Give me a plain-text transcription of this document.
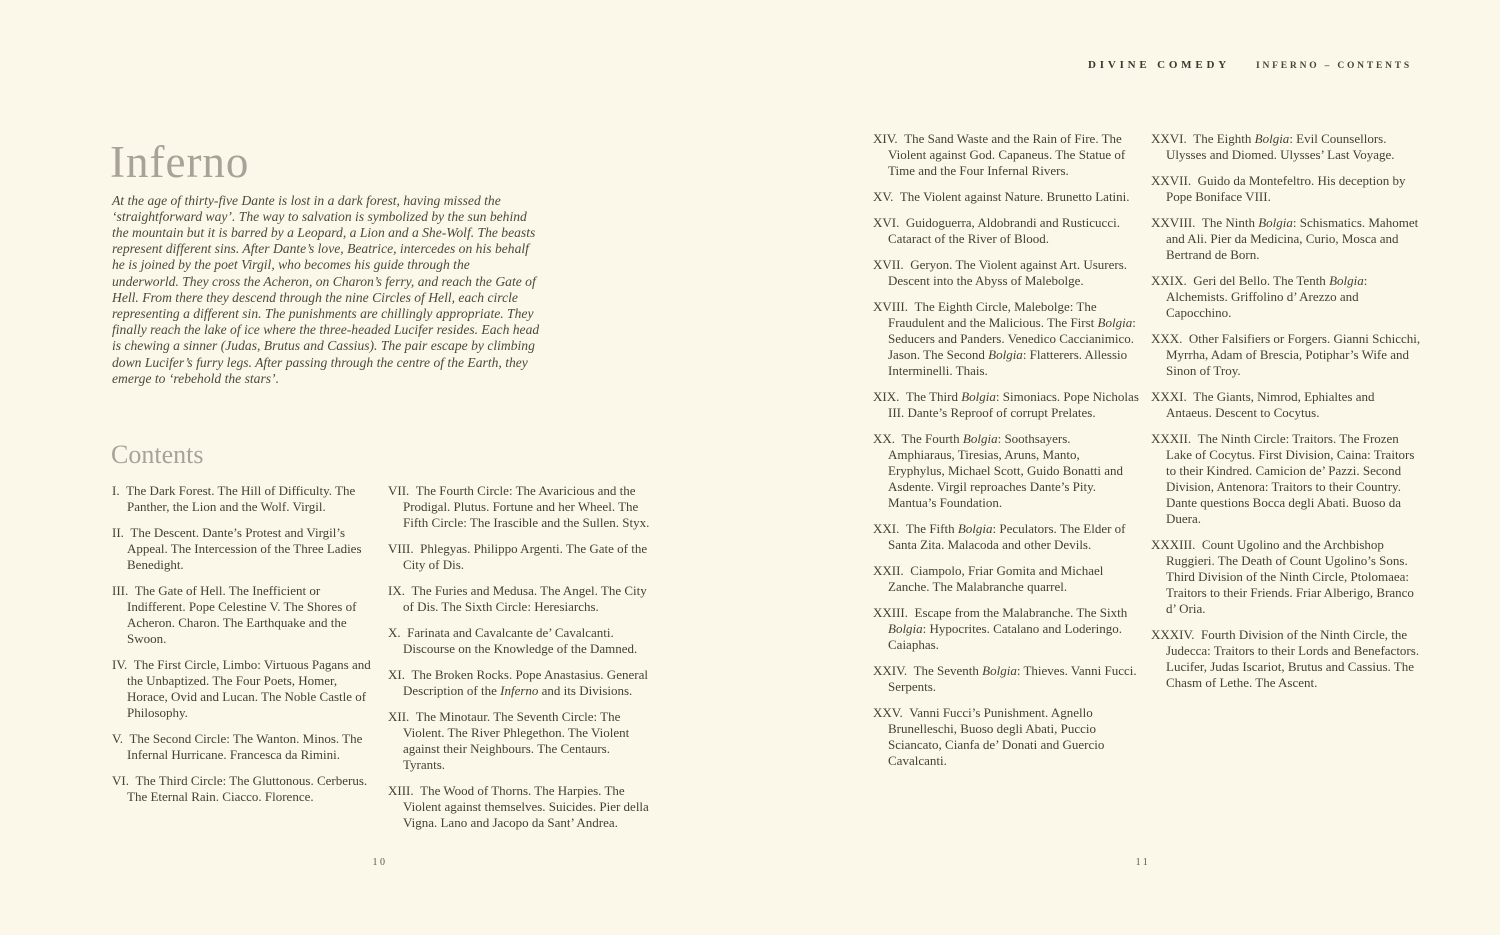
DIVINE COMEDY	INFERNO – CONTENTS
Inferno

At the age of thirty-five Dante is lost in a dark forest, having missed the ‘straightforward way’. The way to salvation is symbolized by the sun behind the mountain but it is barred by a Leopard, a Lion and a She-Wolf. The beasts represent different sins. After Dante’s love, Beatrice, intercedes on his behalf he is joined by the poet Virgil, who becomes his guide through the underworld. They cross the Acheron, on Charon’s ferry, and reach the Gate of Hell. From there they descend through the nine Circles of Hell, each circle representing a different sin. The punishments are chillingly appropriate. They finally reach the lake of ice where the three-headed Lucifer resides. Each head is chewing a sinner (Judas, Brutus and Cassius). The pair escape by climbing down Lucifer’s furry legs. After passing through the centre of the Earth, they emerge to ‘rebehold the stars’.

Contents

I. The Dark Forest. The Hill of Difficulty. The Panther, the Lion and the Wolf. Virgil.

II. The Descent. Dante’s Protest and Virgil’s Appeal. The Intercession of the Three Ladies Benedight.

III. The Gate of Hell. The Inefficient or Indifferent. Pope Celestine V. The Shores of Acheron. Charon. The Earthquake and the Swoon.

IV. The First Circle, Limbo: Virtuous Pagans and the Unbaptized. The Four Poets, Homer, Horace, Ovid and Lucan. The Noble Castle of Philosophy.

V. The Second Circle: The Wanton. Minos. The Infernal Hurricane. Francesca da Rimini.

VI. The Third Circle: The Gluttonous. Cerberus. The Eternal Rain. Ciacco. Florence.

VII. The Fourth Circle: The Avaricious and the Prodigal. Plutus. Fortune and her Wheel. The Fifth Circle: The Irascible and the Sullen. Styx.

VIII. Phlegyas. Philippo Argenti. The Gate of the City of Dis.

IX. The Furies and Medusa. The Angel. The City of Dis. The Sixth Circle: Heresiarchs.

X. Farinata and Cavalcante de’ Cavalcanti. Discourse on the Knowledge of the Damned.

XI. The Broken Rocks. Pope Anastasius. General Description of the Inferno and its Divisions.

XII. The Minotaur. The Seventh Circle: The Violent. The River Phlegethon. The Violent against their Neighbours. The Centaurs. Tyrants.

XIII. The Wood of Thorns. The Harpies. The Violent against themselves. Suicides. Pier della Vigna. Lano and Jacopo da Sant’ Andrea.

10

XIV. The Sand Waste and the Rain of Fire. The Violent against God. Capaneus. The Statue of Time and the Four Infernal Rivers.

XV. The Violent against Nature. Brunetto Latini.

XVI. Guidoguerra, Aldobrandi and Rusticucci. Cataract of the River of Blood.

XVII. Geryon. The Violent against Art. Usurers. Descent into the Abyss of Malebolge.

XVIII. The Eighth Circle, Malebolge: The Fraudulent and the Malicious. The First Bolgia: Seducers and Panders. Venedico Caccianimico. Jason. The Second Bolgia: Flatterers. Allessio Interminelli. Thais.

XIX. The Third Bolgia: Simoniacs. Pope Nicholas III. Dante’s Reproof of corrupt Prelates.

XX. The Fourth Bolgia: Soothsayers. Amphiaraus, Tiresias, Aruns, Manto, Eryphylus, Michael Scott, Guido Bonatti and Asdente. Virgil reproaches Dante’s Pity. Mantua’s Foundation.

XXI. The Fifth Bolgia: Peculators. The Elder of Santa Zita. Malacoda and other Devils.

XXII. Ciampolo, Friar Gomita and Michael Zanche. The Malabranche quarrel.

XXIII. Escape from the Malabranche. The Sixth Bolgia: Hypocrites. Catalano and Loderingo. Caiaphas.

XXIV. The Seventh Bolgia: Thieves. Vanni Fucci. Serpents.

XXV. Vanni Fucci’s Punishment. Agnello Brunelleschi, Buoso degli Abati, Puccio Sciancato, Cianfa de’ Donati and Guercio Cavalcanti.

XXVI. The Eighth Bolgia: Evil Counsellors. Ulysses and Diomed. Ulysses’ Last Voyage.

XXVII. Guido da Montefeltro. His deception by Pope Boniface VIII.

XXVIII. The Ninth Bolgia: Schismatics. Mahomet and Ali. Pier da Medicina, Curio, Mosca and Bertrand de Born.

XXIX. Geri del Bello. The Tenth Bolgia: Alchemists. Griffolino d’ Arezzo and Capocchino.

XXX. Other Falsifiers or Forgers. Gianni Schicchi, Myrrha, Adam of Brescia, Potiphar’s Wife and Sinon of Troy.

XXXI. The Giants, Nimrod, Ephialtes and Antaeus. Descent to Cocytus.

XXXII. The Ninth Circle: Traitors. The Frozen Lake of Cocytus. First Division, Caina: Traitors to their Kindred. Camicion de’ Pazzi. Second Division, Antenora: Traitors to their Country. Dante questions Bocca degli Abati. Buoso da Duera.

XXXIII. Count Ugolino and the Archbishop Ruggieri. The Death of Count Ugolino’s Sons. Third Division of the Ninth Circle, Ptolomaea: Traitors to their Friends. Friar Alberigo, Branco d’ Oria.

XXXIV. Fourth Division of the Ninth Circle, the Judecca: Traitors to their Lords and Benefactors. Lucifer, Judas Iscariot, Brutus and Cassius. The Chasm of Lethe. The Ascent.

11
